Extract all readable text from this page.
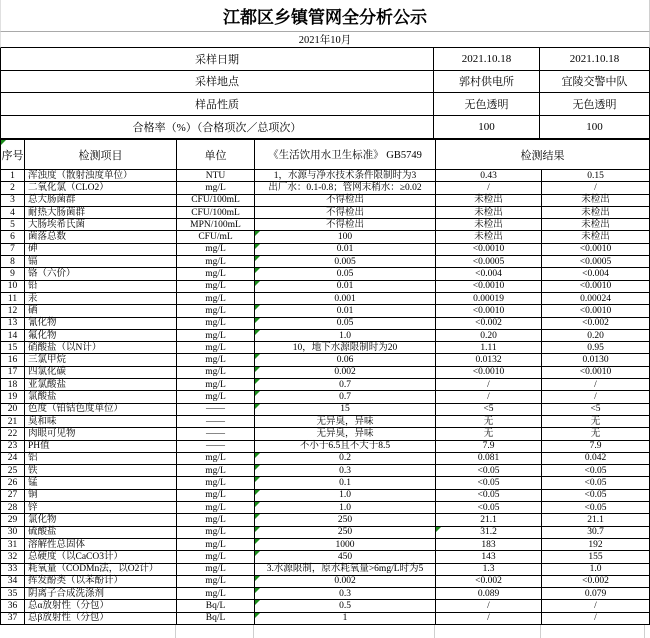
江都区乡镇管网全分析公示
2021年10月
采样日期	2021.10.18	2021.10.18
采样地点	郭村供电所	宜陵交警中队
样品性质	无色透明	无色透明
合格率（%）（合格项次／总项次）	100	100
序号	检测项目	单位	《生活饮用水卫生标准》 GB5749	检测结果
1 浑浊度（散射浊度单位）	NTU	1，水源与净水技术条件限制时为3	0.43	0.15
2 二氧化氯（CLO2）	mg/L	出厂水：0.1-0.8；管网末稍水：≥0.02	/	/
3 总大肠菌群	CFU/100mL	不得检出	未检出	未检出
4 耐热大肠菌群	CFU/100mL	不得检出	未检出	未检出
5 大肠埃希氏菌	MPN/100mL	不得检出	未检出	未检出
6 菌落总数	CFU/mL	100	未检出	未检出
7 砷	mg/L	0.01	<0.0010	<0.0010
8 镉	mg/L	0.005	<0.0005	<0.0005
9 铬（六价）	mg/L	0.05	<0.004	<0.004
10 铅	mg/L	0.01	<0.0010	<0.0010
11 汞	mg/L	0.001	0.00019	0.00024
12 硒	mg/L	0.01	<0.0010	<0.0010
13 氰化物	mg/L	0.05	<0.002	<0.002
14 氟化物	mg/L	1.0	0.20	0.20
15 硝酸盐（以N计）	mg/L	10，地下水源限制时为20	1.11	0.95
16 三氯甲烷	mg/L	0.06	0.0132	0.0130
17 四氯化碳	mg/L	0.002	<0.0010	<0.0010
18 亚氯酸盐	mg/L	0.7	/	/
19 氯酸盐	mg/L	0.7	/	/
20 色度（铂钴色度单位）	——	15	<5	<5
21 臭和味	——	无异臭，异味	无	无
22 肉眼可见物	——	无异臭，异味	无	无
23 PH值	——	不小于6.5且不大于8.5	7.9	7.9
24 铝	mg/L	0.2	0.081	0.042
25 铁	mg/L	0.3	<0.05	<0.05
26 锰	mg/L	0.1	<0.05	<0.05
27 铜	mg/L	1.0	<0.05	<0.05
28 锌	mg/L	1.0	<0.05	<0.05
29 氯化物	mg/L	250	21.1	21.1
30 硫酸盐	mg/L	250	31.2	30.7
31 溶解性总固体	mg/L	1000	183	192
32 总硬度（以CaCO3计）	mg/L	450	143	155
33 耗氧量（CODMn法，以O2计）	mg/L	3.水源限制，原水耗氧量>6mg/L时为5	1.3	1.0
34 挥发酚类（以苯酚计）	mg/L	0.002	<0.002	<0.002
35 阴离子合成洗涤剂	mg/L	0.3	0.089	0.079
36 总α放射性（分包）	Bq/L	0.5	/	/
37 总β放射性（分包）	Bq/L	1	/	/
